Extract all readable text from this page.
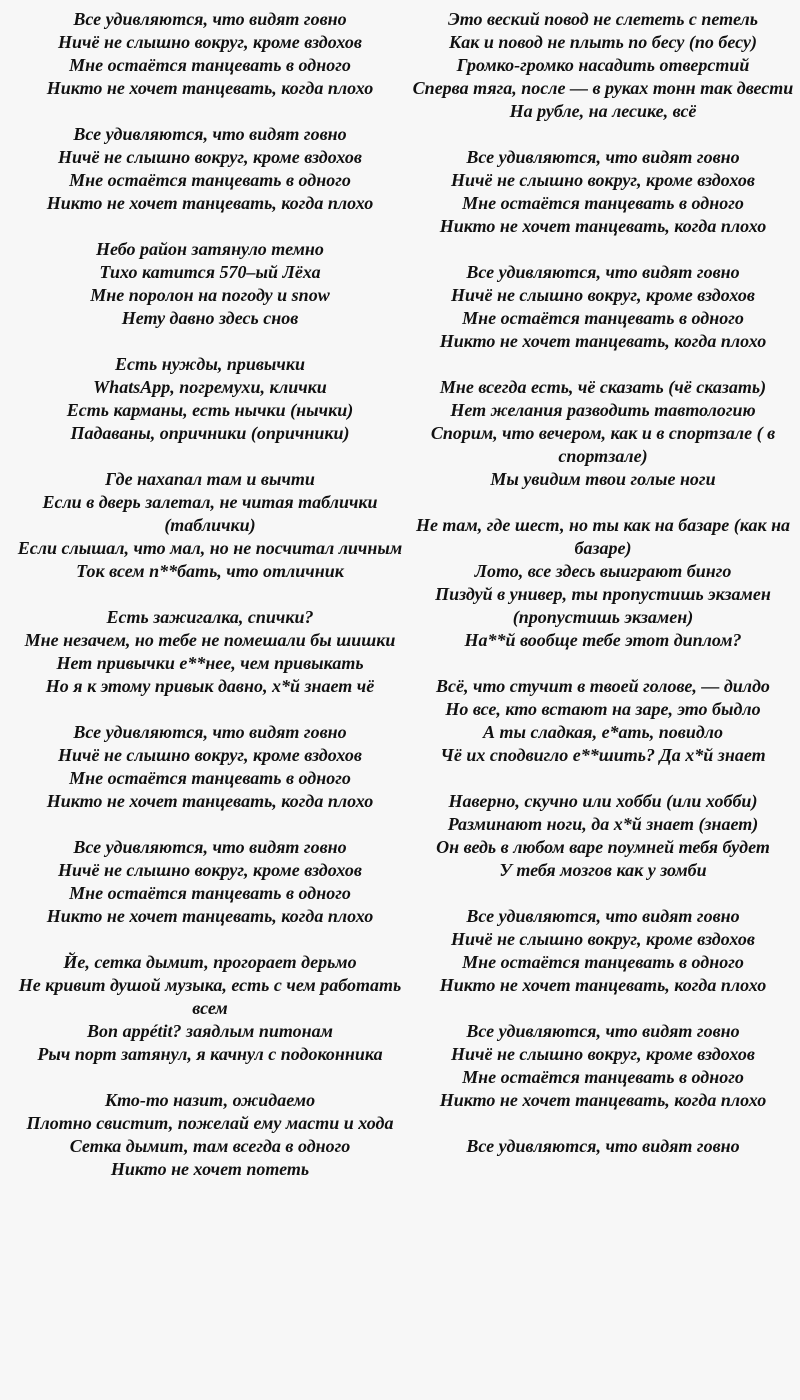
Все удивляются, что видят говно
Ничё не слышно вокруг, кроме вздохов
Мне остаётся танцевать в одного
Никто не хочет танцевать, когда плохо
Все удивляются, что видят говно
Ничё не слышно вокруг, кроме вздохов
Мне остаётся танцевать в одного
Никто не хочет танцевать, когда плохо
Небо район затянуло темно
Тихо катится 570–ый Лёха
Мне поролон на погоду и snow
Нету давно здесь снов
Есть нужды, привычки
WhatsApp, погремухи, клички
Есть карманы, есть нычки (нычки)
Падаваны, опричники (опричники)
Где нахапал там и вычти
Если в дверь залетал, не читая таблички (таблички)
Если слышал, что мал, но не посчитал личным
Ток всем п**бать, что отличник
Есть зажигалка, спички?
Мне незачем, но тебе не помешали бы шишки
Нет привычки е**нее, чем привыкать
Но я к этому привык давно, х*й знает чё
Все удивляются, что видят говно
Ничё не слышно вокруг, кроме вздохов
Мне остаётся танцевать в одного
Никто не хочет танцевать, когда плохо
Все удивляются, что видят говно
Ничё не слышно вокруг, кроме вздохов
Мне остаётся танцевать в одного
Никто не хочет танцевать, когда плохо
Йе, сетка дымит, прогорает дерьмо
Не кривит душой музыка, есть с чем работать всем
Bon appétit? заядлым питонам
Рыч порт затянул, я качнул с подоконника
Кто-то назит, ожидаемо
Плотно свистит, пожелай ему масти и хода
Сетка дымит, там всегда в одного
Никто не хочет потеть
Это веский повод не слететь с петель
Как и повод не плыть по бесу (по бесу)
Громко-громко насадить отверстий
Сперва тяга, после — в руках тонн так двести
На рубле, на лесике, всё
Все удивляются, что видят говно
Ничё не слышно вокруг, кроме вздохов
Мне остаётся танцевать в одного
Никто не хочет танцевать, когда плохо
Все удивляются, что видят говно
Ничё не слышно вокруг, кроме вздохов
Мне остаётся танцевать в одного
Никто не хочет танцевать, когда плохо
Мне всегда есть, чё сказать (чё сказать)
Нет желания разводить тавтологию
Спорим, что вечером, как и в спортзале ( в спортзале)
Мы увидим твои голые ноги
Не там, где шест, но ты как на базаре (как на базаре)
Лото, все здесь выиграют бинго
Пиздуй в универ, ты пропустишь экзамен (пропустишь экзамен)
На**й вообще тебе этот диплом?
Всё, что стучит в твоей голове, — дилдо
Но все, кто встают на заре, это быдло
А ты сладкая, е*ать, повидло
Чё их сподвигло е**шить? Да х*й знает
Наверно, скучно или хобби (или хобби)
Разминают ноги, да х*й знает (знает)
Он ведь в любом варе поумней тебя будет
У тебя мозгов как у зомби
Все удивляются, что видят говно
Ничё не слышно вокруг, кроме вздохов
Мне остаётся танцевать в одного
Никто не хочет танцевать, когда плохо
Все удивляются, что видят говно
Ничё не слышно вокруг, кроме вздохов
Мне остаётся танцевать в одного
Никто не хочет танцевать, когда плохо
Все удивляются, что видят говно
